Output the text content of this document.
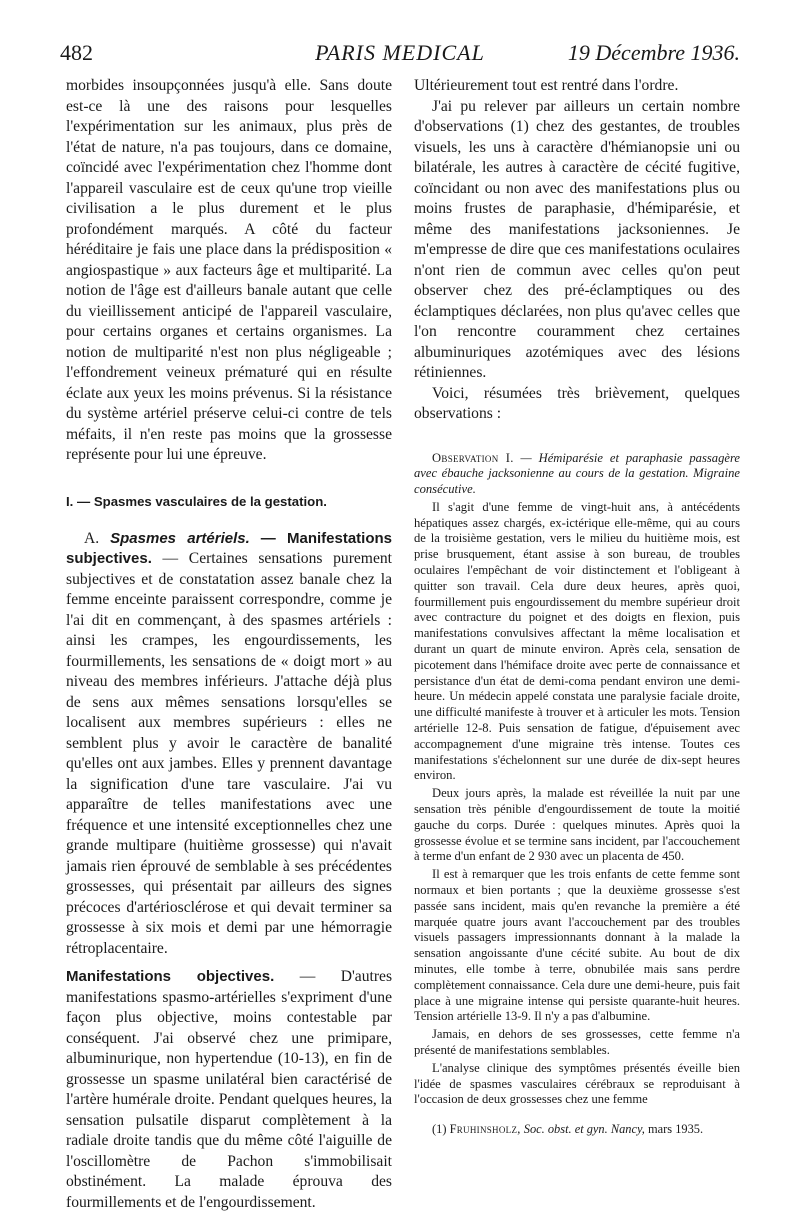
482	PARIS MEDICAL	19 Décembre 1936.

morbides insoupçonnées jusqu'à elle. Sans doute est-ce là une des raisons pour lesquelles l'expérimentation sur les animaux, plus près de l'état de nature, n'a pas toujours, dans ce domaine, coïncidé avec l'expérimentation chez l'homme dont l'appareil vasculaire est de ceux qu'une trop vieille civilisation a le plus durement et le plus profondément marqués. A côté du facteur héréditaire je fais une place dans la prédisposition « angiospastique » aux facteurs âge et multiparité. La notion de l'âge est d'ailleurs banale autant que celle du vieillissement anticipé de l'appareil vasculaire, pour certains organes et certains organismes. La notion de multiparité n'est non plus négligeable ; l'effondrement veineux prématuré qui en résulte éclate aux yeux les moins prévenus. Si la résistance du système artériel préserve celui-ci contre de tels méfaits, il n'en reste pas moins que la grossesse représente pour lui une épreuve.

I. — Spasmes vasculaires de la gestation.

A. Spasmes artériels. — Manifestations subjectives. — Certaines sensations purement subjectives et de constatation assez banale chez la femme enceinte paraissent correspondre, comme je l'ai dit en commençant, à des spasmes artériels : ainsi les crampes, les engourdissements, les fourmillements, les sensations de « doigt mort » au niveau des membres inférieurs. J'attache déjà plus de sens aux mêmes sensations lorsqu'elles se localisent aux membres supérieurs : elles ne semblent plus y avoir le caractère de banalité qu'elles ont aux jambes. Elles y prennent davantage la signification d'une tare vasculaire. J'ai vu apparaître de telles manifestations avec une fréquence et une intensité exceptionnelles chez une grande multipare (huitième grossesse) qui n'avait jamais rien éprouvé de semblable à ses précédentes grossesses, qui présentait par ailleurs des signes précoces d'artériosclérose et qui devait terminer sa grossesse à six mois et demi par une hémorragie rétroplacentaire.

Manifestations objectives. — D'autres manifestations spasmo-artérielles s'expriment d'une façon plus objective, moins contestable par conséquent. J'ai observé chez une primipare, albuminurique, non hypertendue (10-13), en fin de grossesse un spasme unilatéral bien caractérisé de l'artère humérale droite. Pendant quelques heures, la sensation pulsatile disparut complètement à la radiale droite tandis que du même côté l'aiguille de l'oscillomètre de Pachon s'immobilisait obstinément. La malade éprouva des fourmillements et de l'engourdissement.

Ultérieurement tout est rentré dans l'ordre.

J'ai pu relever par ailleurs un certain nombre d'observations (1) chez des gestantes, de troubles visuels, les uns à caractère d'hémianopsie uni ou bilatérale, les autres à caractère de cécité fugitive, coïncidant ou non avec des manifestations plus ou moins frustes de paraphasie, d'hémiparésie, et même des manifestations jacksoniennes. Je m'empresse de dire que ces manifestations oculaires n'ont rien de commun avec celles qu'on peut observer chez des pré-éclamptiques ou des éclamptiques déclarées, non plus qu'avec celles que l'on rencontre couramment chez certaines albuminuriques azotémiques avec des lésions rétiniennes.

Voici, résumées très brièvement, quelques observations :

Observation I. — Hémiparésie et paraphasie passagère avec ébauche jacksonienne au cours de la gestation. Migraine consécutive.

Il s'agit d'une femme de vingt-huit ans, à antécédents hépatiques assez chargés, ex-ictérique elle-même, qui au cours de la troisième gestation, vers le milieu du huitième mois, est prise brusquement, étant assise à son bureau, de troubles oculaires l'empêchant de voir distinctement et l'obligeant à quitter son travail. Cela dure deux heures, après quoi, fourmillement puis engourdissement du membre supérieur droit avec contracture du poignet et des doigts en flexion, puis manifestations convulsives affectant la même localisation et durant un quart de minute environ. Après cela, sensation de picotement dans l'hémiface droite avec perte de connaissance et persistance d'un état de demi-coma pendant environ une demi-heure. Un médecin appelé constata une paralysie faciale droite, une difficulté manifeste à trouver et à articuler les mots. Tension artérielle 12-8. Puis sensation de fatigue, d'épuisement avec accompagnement d'une migraine très intense. Toutes ces manifestations s'échelonnent sur une durée de dix-sept heures environ.

Deux jours après, la malade est réveillée la nuit par une sensation très pénible d'engourdissement de toute la moitié gauche du corps. Durée : quelques minutes. Après quoi la grossesse évolue et se termine sans incident, par l'accouchement à terme d'un enfant de 2 930 avec un placenta de 450.

Il est à remarquer que les trois enfants de cette femme sont normaux et bien portants ; que la deuxième grossesse s'est passée sans incident, mais qu'en revanche la première a été marquée quatre jours avant l'accouchement par des troubles visuels passagers impressionnants donnant à la malade la sensation angoissante d'une cécité subite. Au bout de dix minutes, elle tombe à terre, obnubilée mais sans perdre complètement connaissance. Cela dure une demi-heure, puis fait place à une migraine intense qui persiste quarante-huit heures. Tension artérielle 13-9. Il n'y a pas d'albumine.

Jamais, en dehors de ses grossesses, cette femme n'a présenté de manifestations semblables.

L'analyse clinique des symptômes présentés éveille bien l'idée de spasmes vasculaires cérébraux se reproduisant à l'occasion de deux grossesses chez une femme

(1) Fruhinsholz, Soc. obst. et gyn. Nancy, mars 1935.
